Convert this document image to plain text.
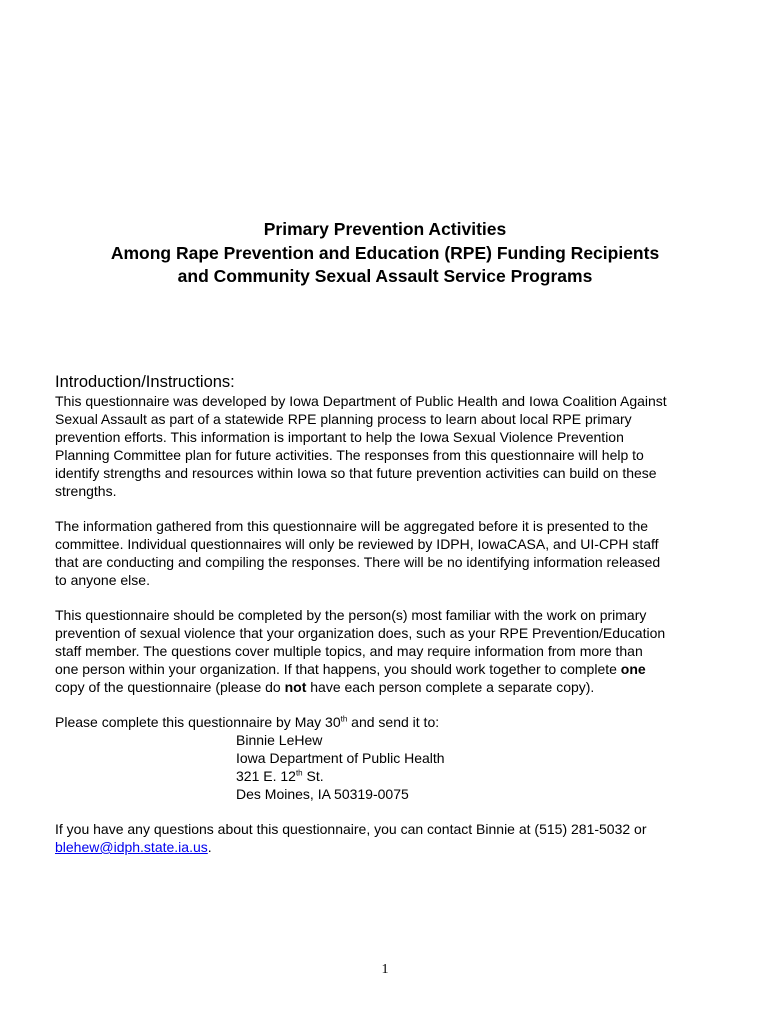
Primary Prevention Activities
Among Rape Prevention and Education (RPE) Funding Recipients
and Community Sexual Assault Service Programs
Introduction/Instructions:
This questionnaire was developed by Iowa Department of Public Health and Iowa Coalition Against
Sexual Assault as part of a statewide RPE planning process to learn about local RPE primary
prevention efforts. This information is important to help the Iowa Sexual Violence Prevention
Planning Committee plan for future activities. The responses from this questionnaire will help to
identify strengths and resources within Iowa so that future prevention activities can build on these
strengths.
The information gathered from this questionnaire will be aggregated before it is presented to the
committee. Individual questionnaires will only be reviewed by IDPH, IowaCASA, and UI-CPH staff
that are conducting and compiling the responses. There will be no identifying information released
to anyone else.
This questionnaire should be completed by the person(s) most familiar with the work on primary
prevention of sexual violence that your organization does, such as your RPE Prevention/Education
staff member. The questions cover multiple topics, and may require information from more than
one person within your organization. If that happens, you should work together to complete one
copy of the questionnaire (please do not have each person complete a separate copy).
Please complete this questionnaire by May 30th and send it to:
Binnie LeHew
Iowa Department of Public Health
321 E. 12th St.
Des Moines, IA 50319-0075
If you have any questions about this questionnaire, you can contact Binnie at (515) 281-5032 or
blehew@idph.state.ia.us.
1
